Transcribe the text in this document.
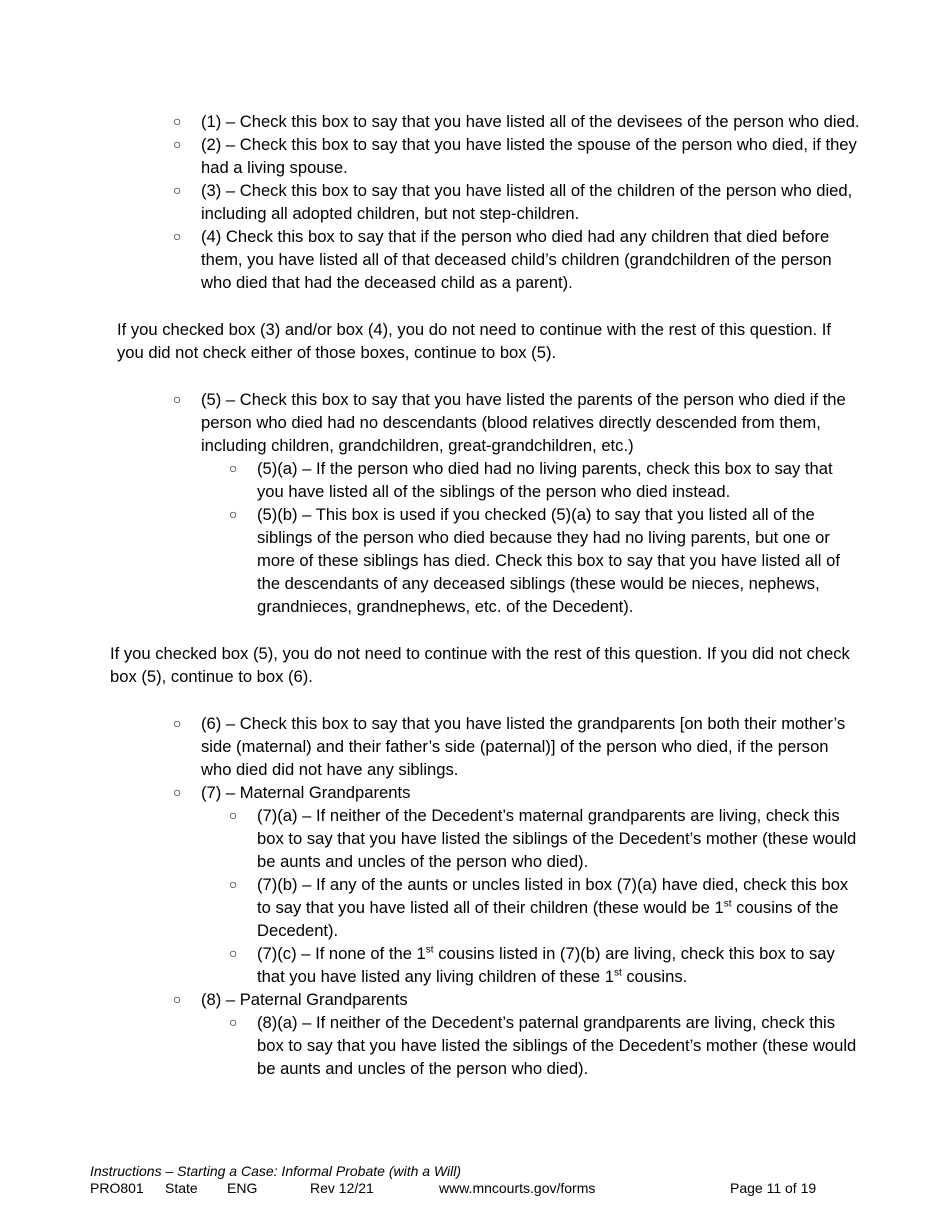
○ (1) – Check this box to say that you have listed all of the devisees of the person who died.
○ (2) – Check this box to say that you have listed the spouse of the person who died, if they had a living spouse.
○ (3) – Check this box to say that you have listed all of the children of the person who died, including all adopted children, but not step-children.
○ (4) Check this box to say that if the person who died had any children that died before them, you have listed all of that deceased child’s children (grandchildren of the person who died that had the deceased child as a parent).

If you checked box (3) and/or box (4), you do not need to continue with the rest of this question. If you did not check either of those boxes, continue to box (5).

○ (5) – Check this box to say that you have listed the parents of the person who died if the person who died had no descendants (blood relatives directly descended from them, including children, grandchildren, great-grandchildren, etc.)
○ (5)(a) – If the person who died had no living parents, check this box to say that you have listed all of the siblings of the person who died instead.
○ (5)(b) – This box is used if you checked (5)(a) to say that you listed all of the siblings of the person who died because they had no living parents, but one or more of these siblings has died. Check this box to say that you have listed all of the descendants of any deceased siblings (these would be nieces, nephews, grandnieces, grandnephews, etc. of the Decedent).

If you checked box (5), you do not need to continue with the rest of this question. If you did not check box (5), continue to box (6).

○ (6) – Check this box to say that you have listed the grandparents [on both their mother’s side (maternal) and their father’s side (paternal)] of the person who died, if the person who died did not have any siblings.
○ (7) – Maternal Grandparents
○ (7)(a) – If neither of the Decedent’s maternal grandparents are living, check this box to say that you have listed the siblings of the Decedent’s mother (these would be aunts and uncles of the person who died).
○ (7)(b) – If any of the aunts or uncles listed in box (7)(a) have died, check this box to say that you have listed all of their children (these would be 1st cousins of the Decedent).
○ (7)(c) – If none of the 1st cousins listed in (7)(b) are living, check this box to say that you have listed any living children of these 1st cousins.
○ (8) – Paternal Grandparents
○ (8)(a) – If neither of the Decedent’s paternal grandparents are living, check this box to say that you have listed the siblings of the Decedent’s mother (these would be aunts and uncles of the person who died).
Instructions – Starting a Case: Informal Probate (with a Will)
PRO801 State ENG	Rev 12/21	www.mncourts.gov/forms	Page 11 of 19
